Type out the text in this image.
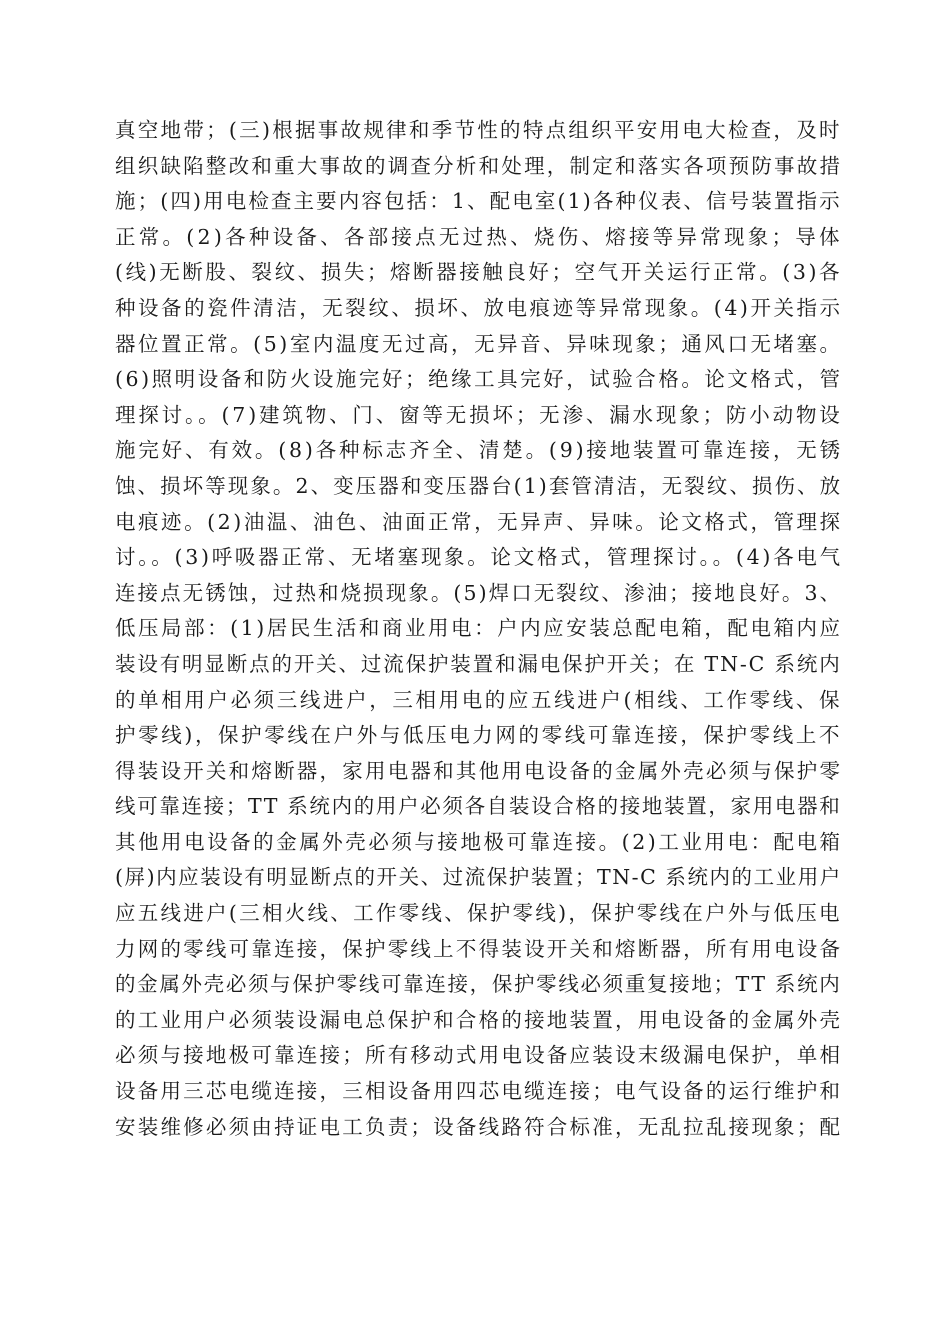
真空地带；(三)根据事故规律和季节性的特点组织平安用电大检查，及时
组织缺陷整改和重大事故的调查分析和处理，制定和落实各项预防事故措
施；(四)用电检查主要内容包括：1、配电室(1)各种仪表、信号装置指示
正常。(2)各种设备、各部接点无过热、烧伤、熔接等异常现象；导体
(线)无断股、裂纹、损失；熔断器接触良好；空气开关运行正常。(3)各
种设备的瓷件清洁，无裂纹、损坏、放电痕迹等异常现象。(4)开关指示
器位置正常。(5)室内温度无过高，无异音、异味现象；通风口无堵塞。
(6)照明设备和防火设施完好；绝缘工具完好，试验合格。论文格式，管
理探讨。。(7)建筑物、门、窗等无损坏；无渗、漏水现象；防小动物设
施完好、有效。(8)各种标志齐全、清楚。(9)接地装置可靠连接，无锈
蚀、损坏等现象。2、变压器和变压器台(1)套管清洁，无裂纹、损伤、放
电痕迹。(2)油温、油色、油面正常，无异声、异味。论文格式，管理探
讨。。(3)呼吸器正常、无堵塞现象。论文格式，管理探讨。。(4)各电气
连接点无锈蚀，过热和烧损现象。(5)焊口无裂纹、渗油；接地良好。3、
低压局部：(1)居民生活和商业用电：户内应安装总配电箱，配电箱内应
装设有明显断点的开关、过流保护装置和漏电保护开关；在 TN-C 系统内
的单相用户必须三线进户，三相用电的应五线进户(相线、工作零线、保
护零线)，保护零线在户外与低压电力网的零线可靠连接，保护零线上不
得装设开关和熔断器，家用电器和其他用电设备的金属外壳必须与保护零
线可靠连接；TT 系统内的用户必须各自装设合格的接地装置，家用电器和
其他用电设备的金属外壳必须与接地极可靠连接。(2)工业用电：配电箱
(屏)内应装设有明显断点的开关、过流保护装置；TN-C 系统内的工业用户
应五线进户(三相火线、工作零线、保护零线)，保护零线在户外与低压电
力网的零线可靠连接，保护零线上不得装设开关和熔断器，所有用电设备
的金属外壳必须与保护零线可靠连接，保护零线必须重复接地；TT 系统内
的工业用户必须装设漏电总保护和合格的接地装置，用电设备的金属外壳
必须与接地极可靠连接；所有移动式用电设备应装设末级漏电保护，单相
设备用三芯电缆连接，三相设备用四芯电缆连接；电气设备的运行维护和
安装维修必须由持证电工负责；设备线路符合标准，无乱拉乱接现象；配
